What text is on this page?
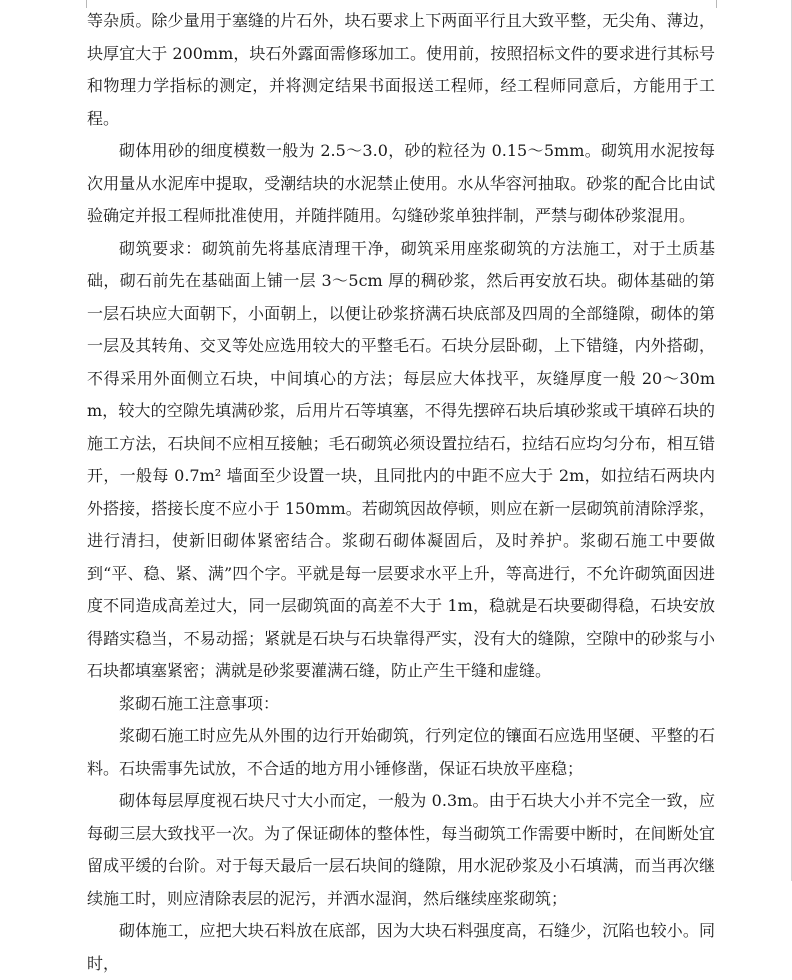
等杂质。除少量用于塞缝的片石外，块石要求上下两面平行且大致平整，无尖角、薄边，块厚宜大于 200mm，块石外露面需修琢加工。使用前，按照招标文件的要求进行其标号和物理力学指标的测定，并将测定结果书面报送工程师，经工程师同意后，方能用于工程。

砌体用砂的细度模数一般为 2.5～3.0，砂的粒径为 0.15～5mm。砌筑用水泥按每次用量从水泥库中提取，受潮结块的水泥禁止使用。水从华容河抽取。砂浆的配合比由试验确定并报工程师批准使用，并随拌随用。勾缝砂浆单独拌制，严禁与砌体砂浆混用。

砌筑要求：砌筑前先将基底清理干净，砌筑采用座浆砌筑的方法施工，对于土质基础，砌石前先在基础面上铺一层 3～5cm 厚的稠砂浆，然后再安放石块。砌体基础的第一层石块应大面朝下，小面朝上，以便让砂浆挤满石块底部及四周的全部缝隙，砌体的第一层及其转角、交叉等处应选用较大的平整毛石。石块分层卧砌，上下错缝，内外搭砌，不得采用外面侧立石块，中间填心的方法；每层应大体找平，灰缝厚度一般 20～30mm，较大的空隙先填满砂浆，后用片石等填塞，不得先摆碎石块后填砂浆或干填碎石块的施工方法，石块间不应相互接触；毛石砌筑必须设置拉结石，拉结石应均匀分布，相互错开，一般每 0.7m² 墙面至少设置一块，且同批内的中距不应大于 2m，如拉结石两块内外搭接，搭接长度不应小于 150mm。若砌筑因故停顿，则应在新一层砌筑前清除浮浆，进行清扫，使新旧砌体紧密结合。浆砌石砌体凝固后，及时养护。浆砌石施工中要做到“平、稳、紧、满”四个字。平就是每一层要求水平上升，等高进行，不允许砌筑面因进度不同造成高差过大，同一层砌筑面的高差不大于 1m，稳就是石块要砌得稳，石块安放得踏实稳当，不易动摇；紧就是石块与石块靠得严实，没有大的缝隙，空隙中的砂浆与小石块都填塞紧密；满就是砂浆要灌满石缝，防止产生干缝和虚缝。

浆砌石施工注意事项：

浆砌石施工时应先从外围的边行开始砌筑，行列定位的镶面石应选用坚硬、平整的石料。石块需事先试放，不合适的地方用小锤修凿，保证石块放平座稳；

砌体每层厚度视石块尺寸大小而定，一般为 0.3m。由于石块大小并不完全一致，应每砌三层大致找平一次。为了保证砌体的整体性，每当砌筑工作需要中断时，在间断处宜留成平缓的台阶。对于每天最后一层石块间的缝隙，用水泥砂浆及小石填满，而当再次继续施工时，则应清除表层的泥污，并洒水湿润，然后继续座浆砌筑；

砌体施工，应把大块石料放在底部，因为大块石料强度高，石缝少，沉陷也较小。同时，
